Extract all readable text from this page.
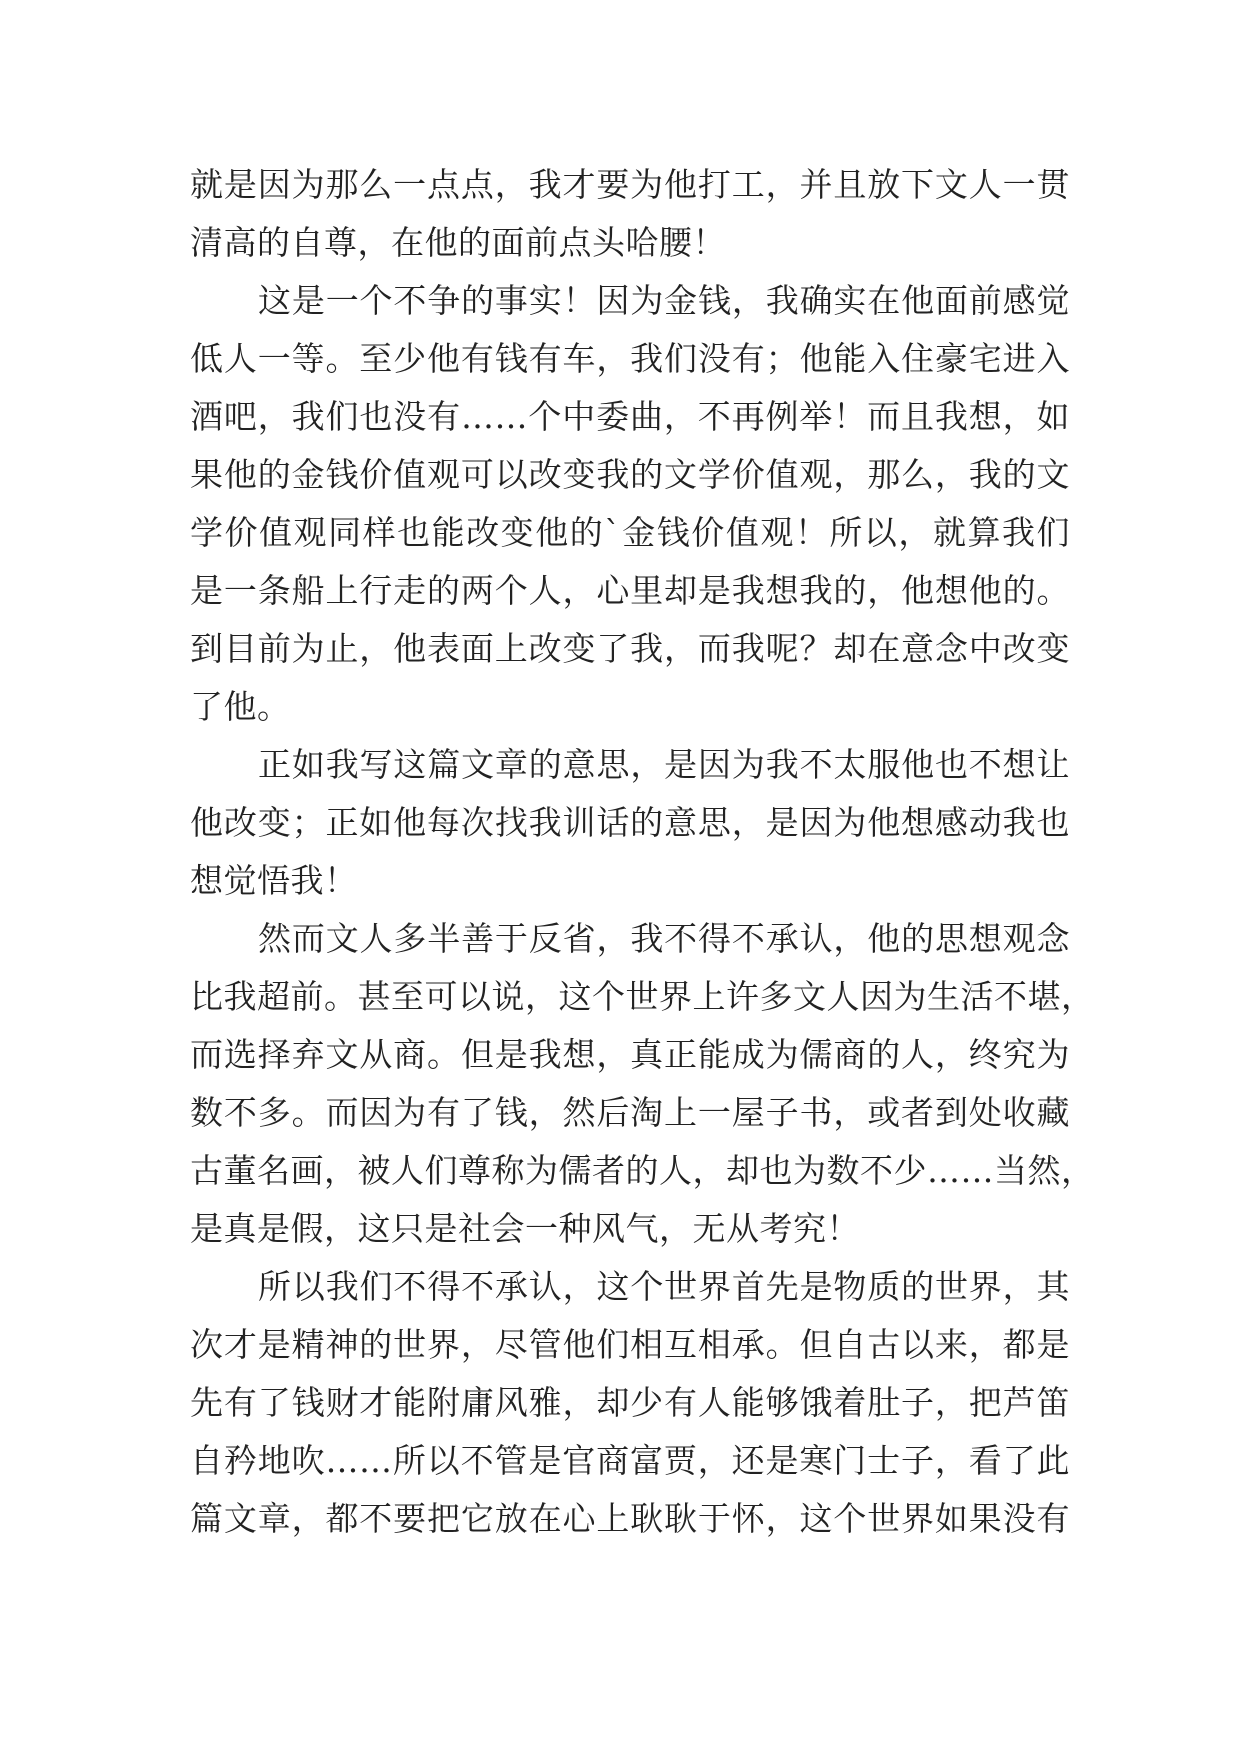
就是因为那么一点点，我才要为他打工，并且放下文人一贯
清高的自尊，在他的面前点头哈腰！
这是一个不争的事实！因为金钱，我确实在他面前感觉
低人一等。至少他有钱有车，我们没有；他能入住豪宅进入
酒吧，我们也没有……个中委曲，不再例举！而且我想，如
果他的金钱价值观可以改变我的文学价值观，那么，我的文
学价值观同样也能改变他的`金钱价值观！所以，就算我们
是一条船上行走的两个人，心里却是我想我的，他想他的。
到目前为止，他表面上改变了我，而我呢？却在意念中改变
了他。
正如我写这篇文章的意思，是因为我不太服他也不想让
他改变；正如他每次找我训话的意思，是因为他想感动我也
想觉悟我！
然而文人多半善于反省，我不得不承认，他的思想观念
比我超前。甚至可以说，这个世界上许多文人因为生活不堪，
而选择弃文从商。但是我想，真正能成为儒商的人，终究为
数不多。而因为有了钱，然后淘上一屋子书，或者到处收藏
古董名画，被人们尊称为儒者的人，却也为数不少……当然，
是真是假，这只是社会一种风气，无从考究！
所以我们不得不承认，这个世界首先是物质的世界，其
次才是精神的世界，尽管他们相互相承。但自古以来，都是
先有了钱财才能附庸风雅，却少有人能够饿着肚子，把芦笛
自矜地吹……所以不管是官商富贾，还是寒门士子，看了此
篇文章，都不要把它放在心上耿耿于怀，这个世界如果没有
